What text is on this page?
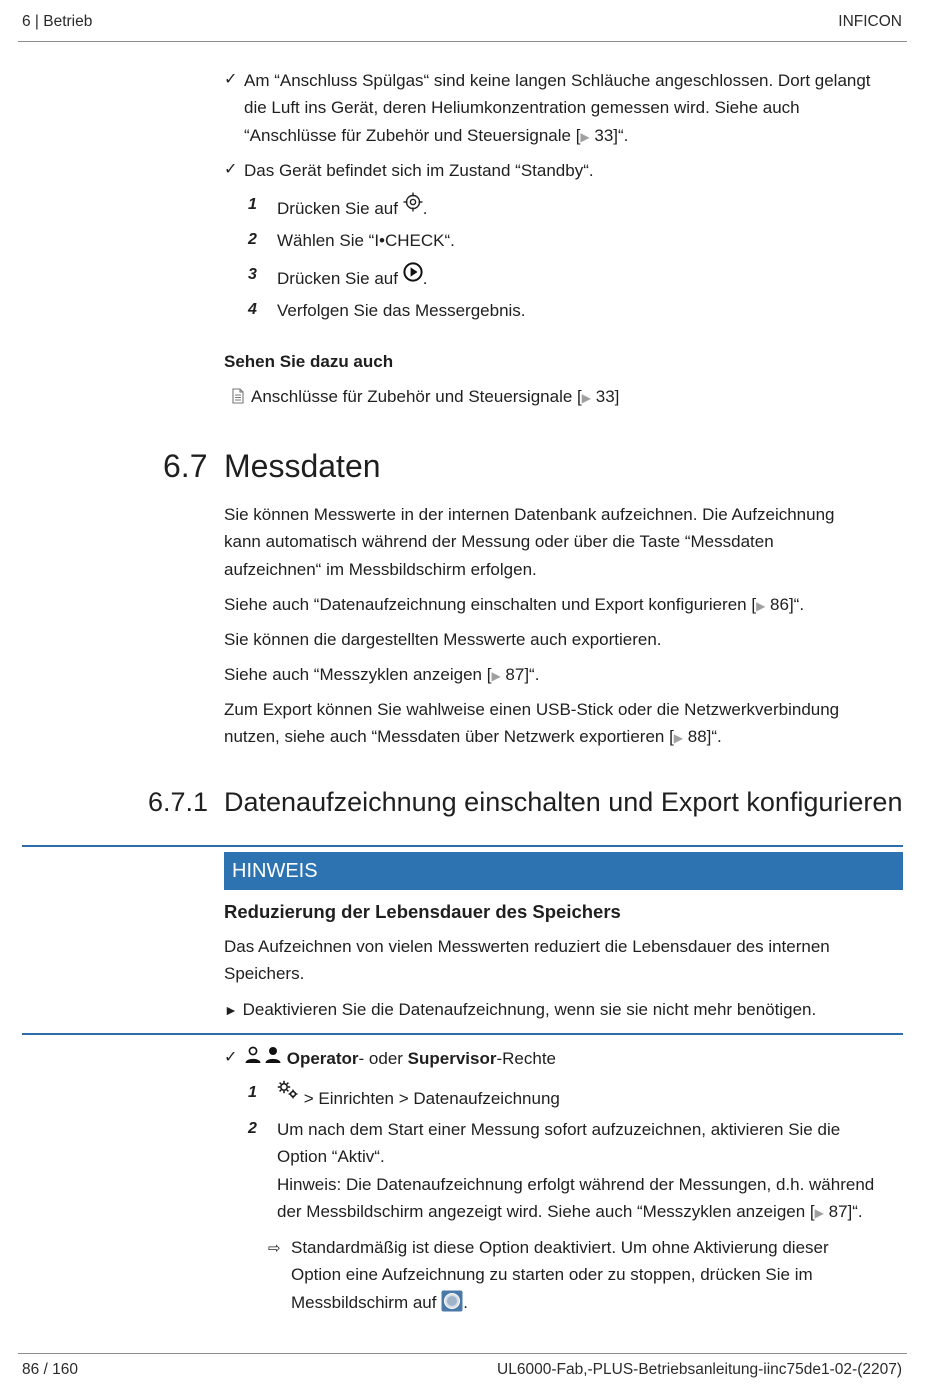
6 | Betrieb	INFICON
✓ Am “Anschluss Spülgas“ sind keine langen Schläuche angeschlossen. Dort gelangt
die Luft ins Gerät, deren Heliumkonzentration gemessen wird. Siehe auch
“Anschlüsse für Zubehör und Steuersignale [▶ 33]“.
✓ Das Gerät befindet sich im Zustand “Standby“.
1 Drücken Sie auf .
2 Wählen Sie “I•CHECK“.
3 Drücken Sie auf .
4 Verfolgen Sie das Messergebnis.
Sehen Sie dazu auch
Anschlüsse für Zubehör und Steuersignale [▶ 33]
6.7 Messdaten
Sie können Messwerte in der internen Datenbank aufzeichnen. Die Aufzeichnung
kann automatisch während der Messung oder über die Taste “Messdaten
aufzeichnen“ im Messbildschirm erfolgen.
Siehe auch “Datenaufzeichnung einschalten und Export konfigurieren [▶ 86]“.
Sie können die dargestellten Messwerte auch exportieren.
Siehe auch “Messzyklen anzeigen [▶ 87]“.
Zum Export können Sie wahlweise einen USB-Stick oder die Netzwerkverbindung
nutzen, siehe auch “Messdaten über Netzwerk exportieren [▶ 88]“.
6.7.1 Datenaufzeichnung einschalten und Export konfigurieren
HINWEIS
Reduzierung der Lebensdauer des Speichers
Das Aufzeichnen von vielen Messwerten reduziert die Lebensdauer des internen
Speichers.
► Deaktivieren Sie die Datenaufzeichnung, wenn sie sie nicht mehr benötigen.
✓	Operator- oder Supervisor-Rechte
1	> Einrichten > Datenaufzeichnung
2 Um nach dem Start einer Messung sofort aufzuzeichnen, aktivieren Sie die
Option “Aktiv“.
Hinweis: Die Datenaufzeichnung erfolgt während der Messungen, d.h. während
der Messbildschirm angezeigt wird. Siehe auch “Messzyklen anzeigen [▶ 87]“.
⇨ Standardmäßig ist diese Option deaktiviert. Um ohne Aktivierung dieser
Option eine Aufzeichnung zu starten oder zu stoppen, drücken Sie im
Messbildschirm auf .
86 / 160	UL6000-Fab,-PLUS-Betriebsanleitung-iinc75de1-02-(2207)
